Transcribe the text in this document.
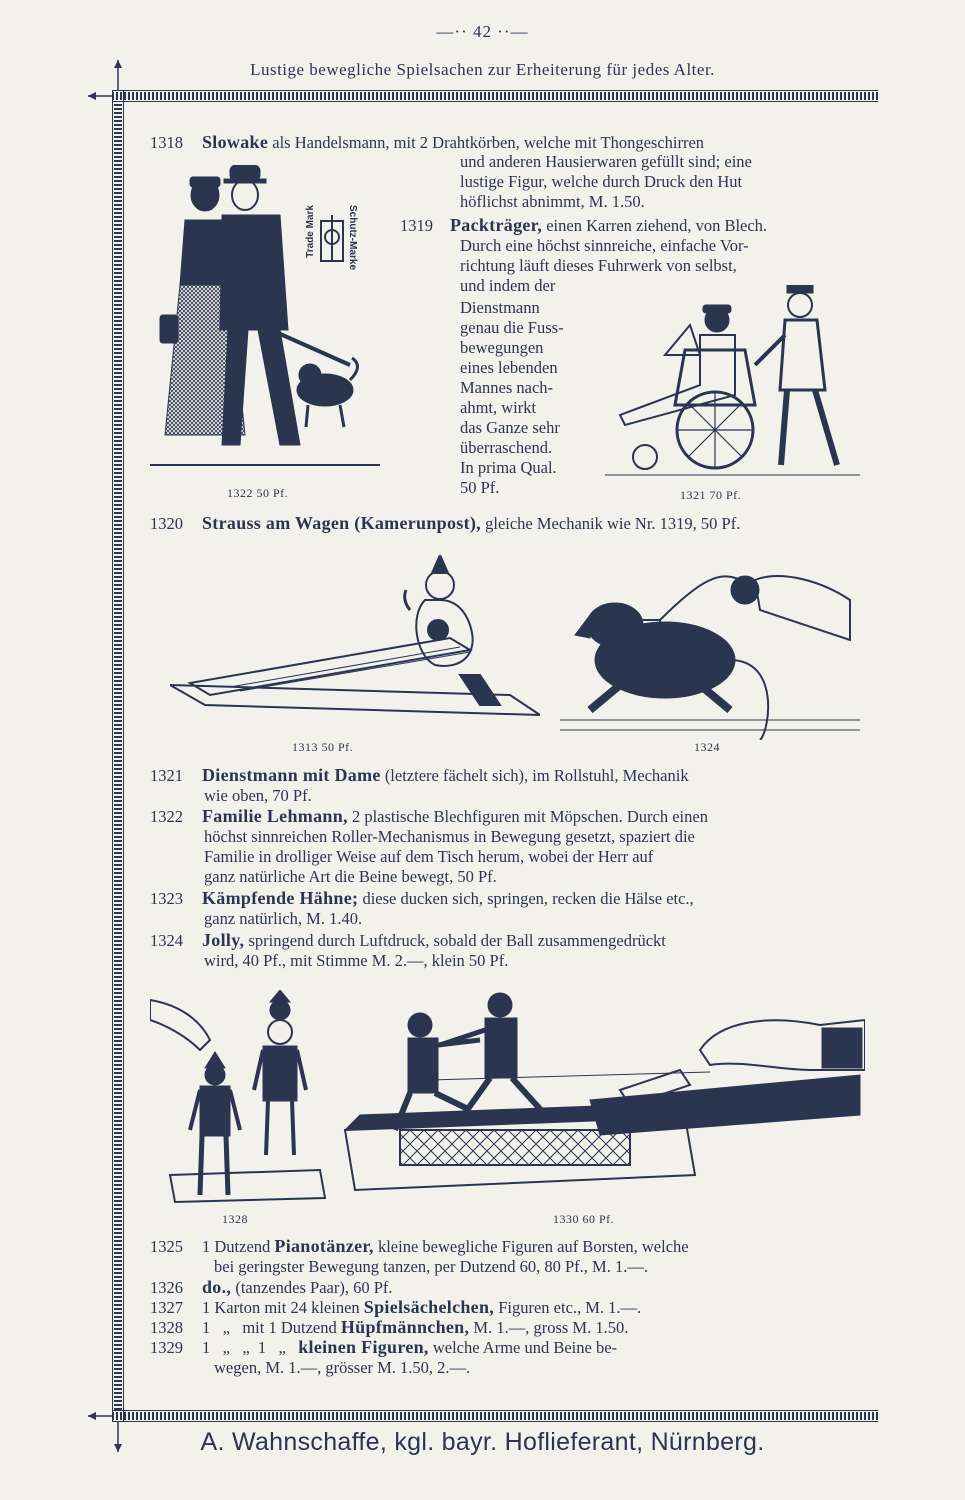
—·· 42 ··—
Lustige bewegliche Spielsachen zur Erheiterung für jedes Alter.
1318 Slowake als Handelsmann, mit 2 Drahtkörben, welche mit Thongeschirren
und anderen Hausierwaren gefüllt sind; eine
lustige Figur, welche durch Druck den Hut
höflichst abnimmt, M. 1.50.
1319 Packträger, einen Karren ziehend, von Blech.
Durch eine höchst sinnreiche, einfache Vor-
richtung läuft dieses Fuhrwerk von selbst,
und indem der
Dienstmann
genau die Fuss-
bewegungen
eines lebenden
Mannes nach-
ahmt, wirkt
das Ganze sehr
überraschend.
In prima Qual.
50 Pf.
Trade Mark	Schutz-Marke
1322 50 Pf.	1321 70 Pf.
1320 Strauss am Wagen (Kamerunpost), gleiche Mechanik wie Nr. 1319, 50 Pf.
1313 50 Pf.	1324
1321 Dienstmann mit Dame (letztere fächelt sich), im Rollstuhl, Mechanik
wie oben, 70 Pf.
1322 Familie Lehmann, 2 plastische Blechfiguren mit Möpschen. Durch einen
höchst sinnreichen Roller-Mechanismus in Bewegung gesetzt, spaziert die
Familie in drolliger Weise auf dem Tisch herum, wobei der Herr auf
ganz natürliche Art die Beine bewegt, 50 Pf.
1323 Kämpfende Hähne; diese ducken sich, springen, recken die Hälse etc.,
ganz natürlich, M. 1.40.
1324 Jolly, springend durch Luftdruck, sobald der Ball zusammengedrückt
wird, 40 Pf., mit Stimme M. 2.—, klein 50 Pf.
1328	1330 60 Pf.
1325 1 Dutzend Pianotänzer, kleine bewegliche Figuren auf Borsten, welche
bei geringster Bewegung tanzen, per Dutzend 60, 80 Pf., M. 1.—.
1326 do., (tanzendes Paar), 60 Pf.
1327 1 Karton mit 24 kleinen Spielsächelchen, Figuren etc., M. 1.—.
1328 1   „   mit 1 Dutzend Hüpfmännchen, M. 1.—, gross M. 1.50.
1329 1   „   „  1   „ kleinen Figuren, welche Arme und Beine be-
wegen, M. 1.—, grösser M. 1.50, 2.—.
A. Wahnschaffe, kgl. bayr. Hoflieferant, Nürnberg.
